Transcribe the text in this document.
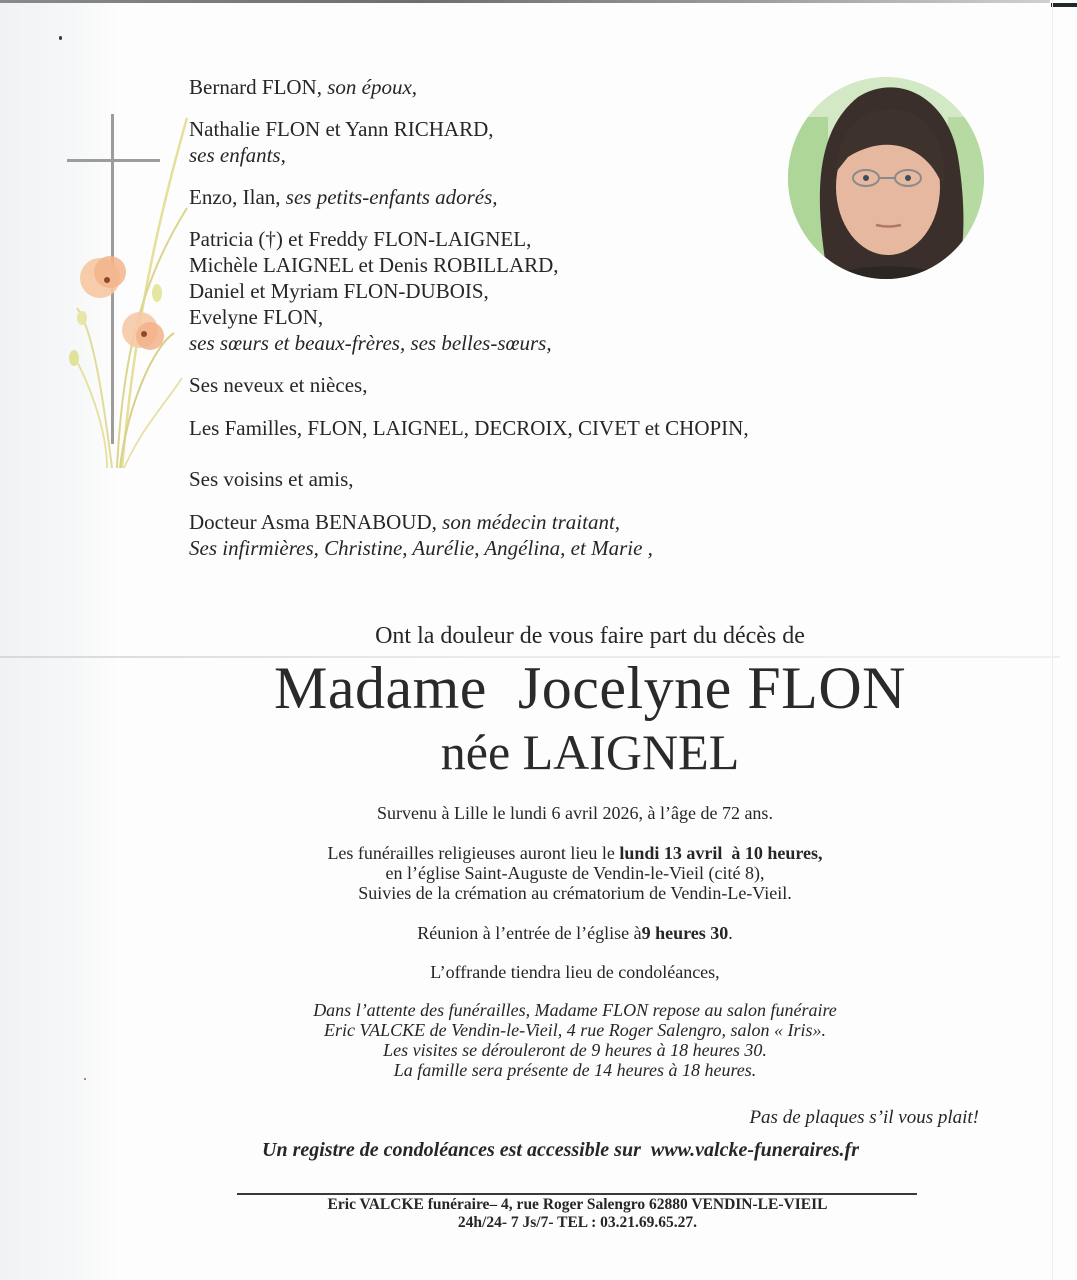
Bernard FLON, son époux,
Nathalie FLON et Yann RICHARD,
ses enfants,
Enzo, Ilan, ses petits-enfants adorés,
Patricia (†) et Freddy FLON-LAIGNEL,
Michèle LAIGNEL et Denis ROBILLARD,
Daniel et Myriam FLON-DUBOIS,
Evelyne FLON,
ses sœurs et beaux-frères, ses belles-sœurs,
Ses neveux et nièces,
Les Familles, FLON, LAIGNEL, DECROIX, CIVET et CHOPIN,
Ses voisins et amis,
Docteur Asma BENABOUD, son médecin traitant,
Ses infirmières, Christine, Aurélie, Angélina, et Marie ,
Ont la douleur de vous faire part du décès de
Madame  Jocelyne FLON
née LAIGNEL
Survenu à Lille le lundi 6 avril 2026, à l’âge de 72 ans.
Les funérailles religieuses auront lieu le lundi 13 avril  à 10 heures,
en l’église Saint-Auguste de Vendin-le-Vieil (cité 8),
Suivies de la crémation au crématorium de Vendin-Le-Vieil.
Réunion à l’entrée de l’église à9 heures 30.
L’offrande tiendra lieu de condoléances,
Dans l’attente des funérailles, Madame FLON repose au salon funéraire
Eric VALCKE de Vendin-le-Vieil, 4 rue Roger Salengro, salon « Iris».
Les visites se dérouleront de 9 heures à 18 heures 30.
La famille sera présente de 14 heures à 18 heures.
Pas de plaques s’il vous plait!
Un registre de condoléances est accessible sur www.valcke-funeraires.fr
Eric VALCKE funéraire– 4, rue Roger Salengro 62880 VENDIN-LE-VIEIL
24h/24- 7 Js/7- TEL : 03.21.69.65.27.
